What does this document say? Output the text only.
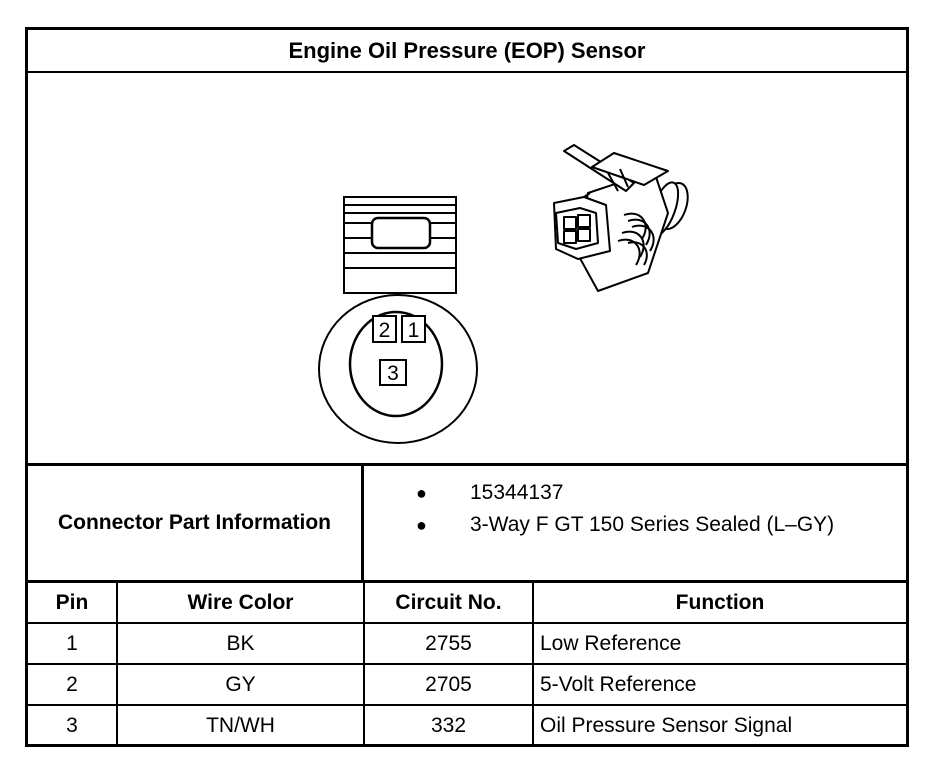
Engine Oil Pressure (EOP) Sensor
2 1
3
Connector Part Information
● 15344137
● 3-Way F GT 150 Series Sealed (L–GY)
Pin	Wire Color	Circuit No.	Function
1	BK	2755	Low Reference
2	GY	2705	5-Volt Reference
3	TN/WH	332	Oil Pressure Sensor Signal
